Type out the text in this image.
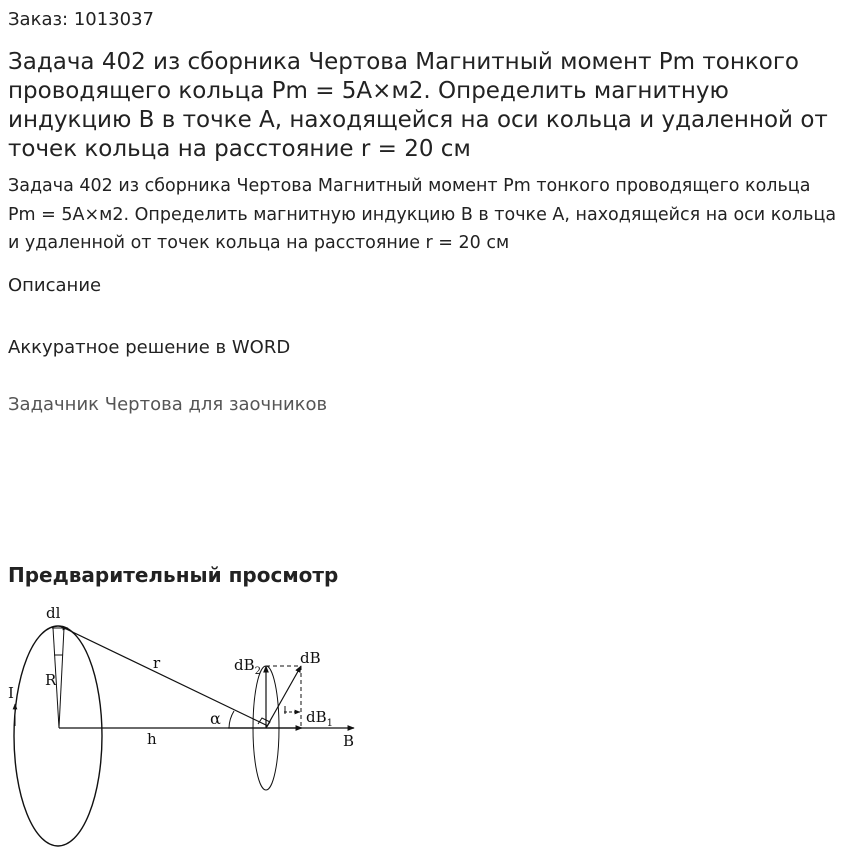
Заказ: 1013037
Задача 402 из сборника Чертова Магнитный момент Pm тонкого проводящего кольца Pm = 5А×м2. Определить магнитную индукцию В в точке А, находящейся на оси кольца и удаленной от точек кольца на расстояние r = 20 см

Задача 402 из сборника Чертова Магнитный момент Pm тонкого проводящего кольца Pm = 5А×м2. Определить магнитную индукцию В в точке А, находящейся на оси кольца и удаленной от точек кольца на расстояние r = 20 см

Описание
Аккуратное решение в WORD
Задачник Чертова для заочников
Предварительный просмотр
dl
R
I
r
h
α
$dB_2$
dB
$dB_1$
B
